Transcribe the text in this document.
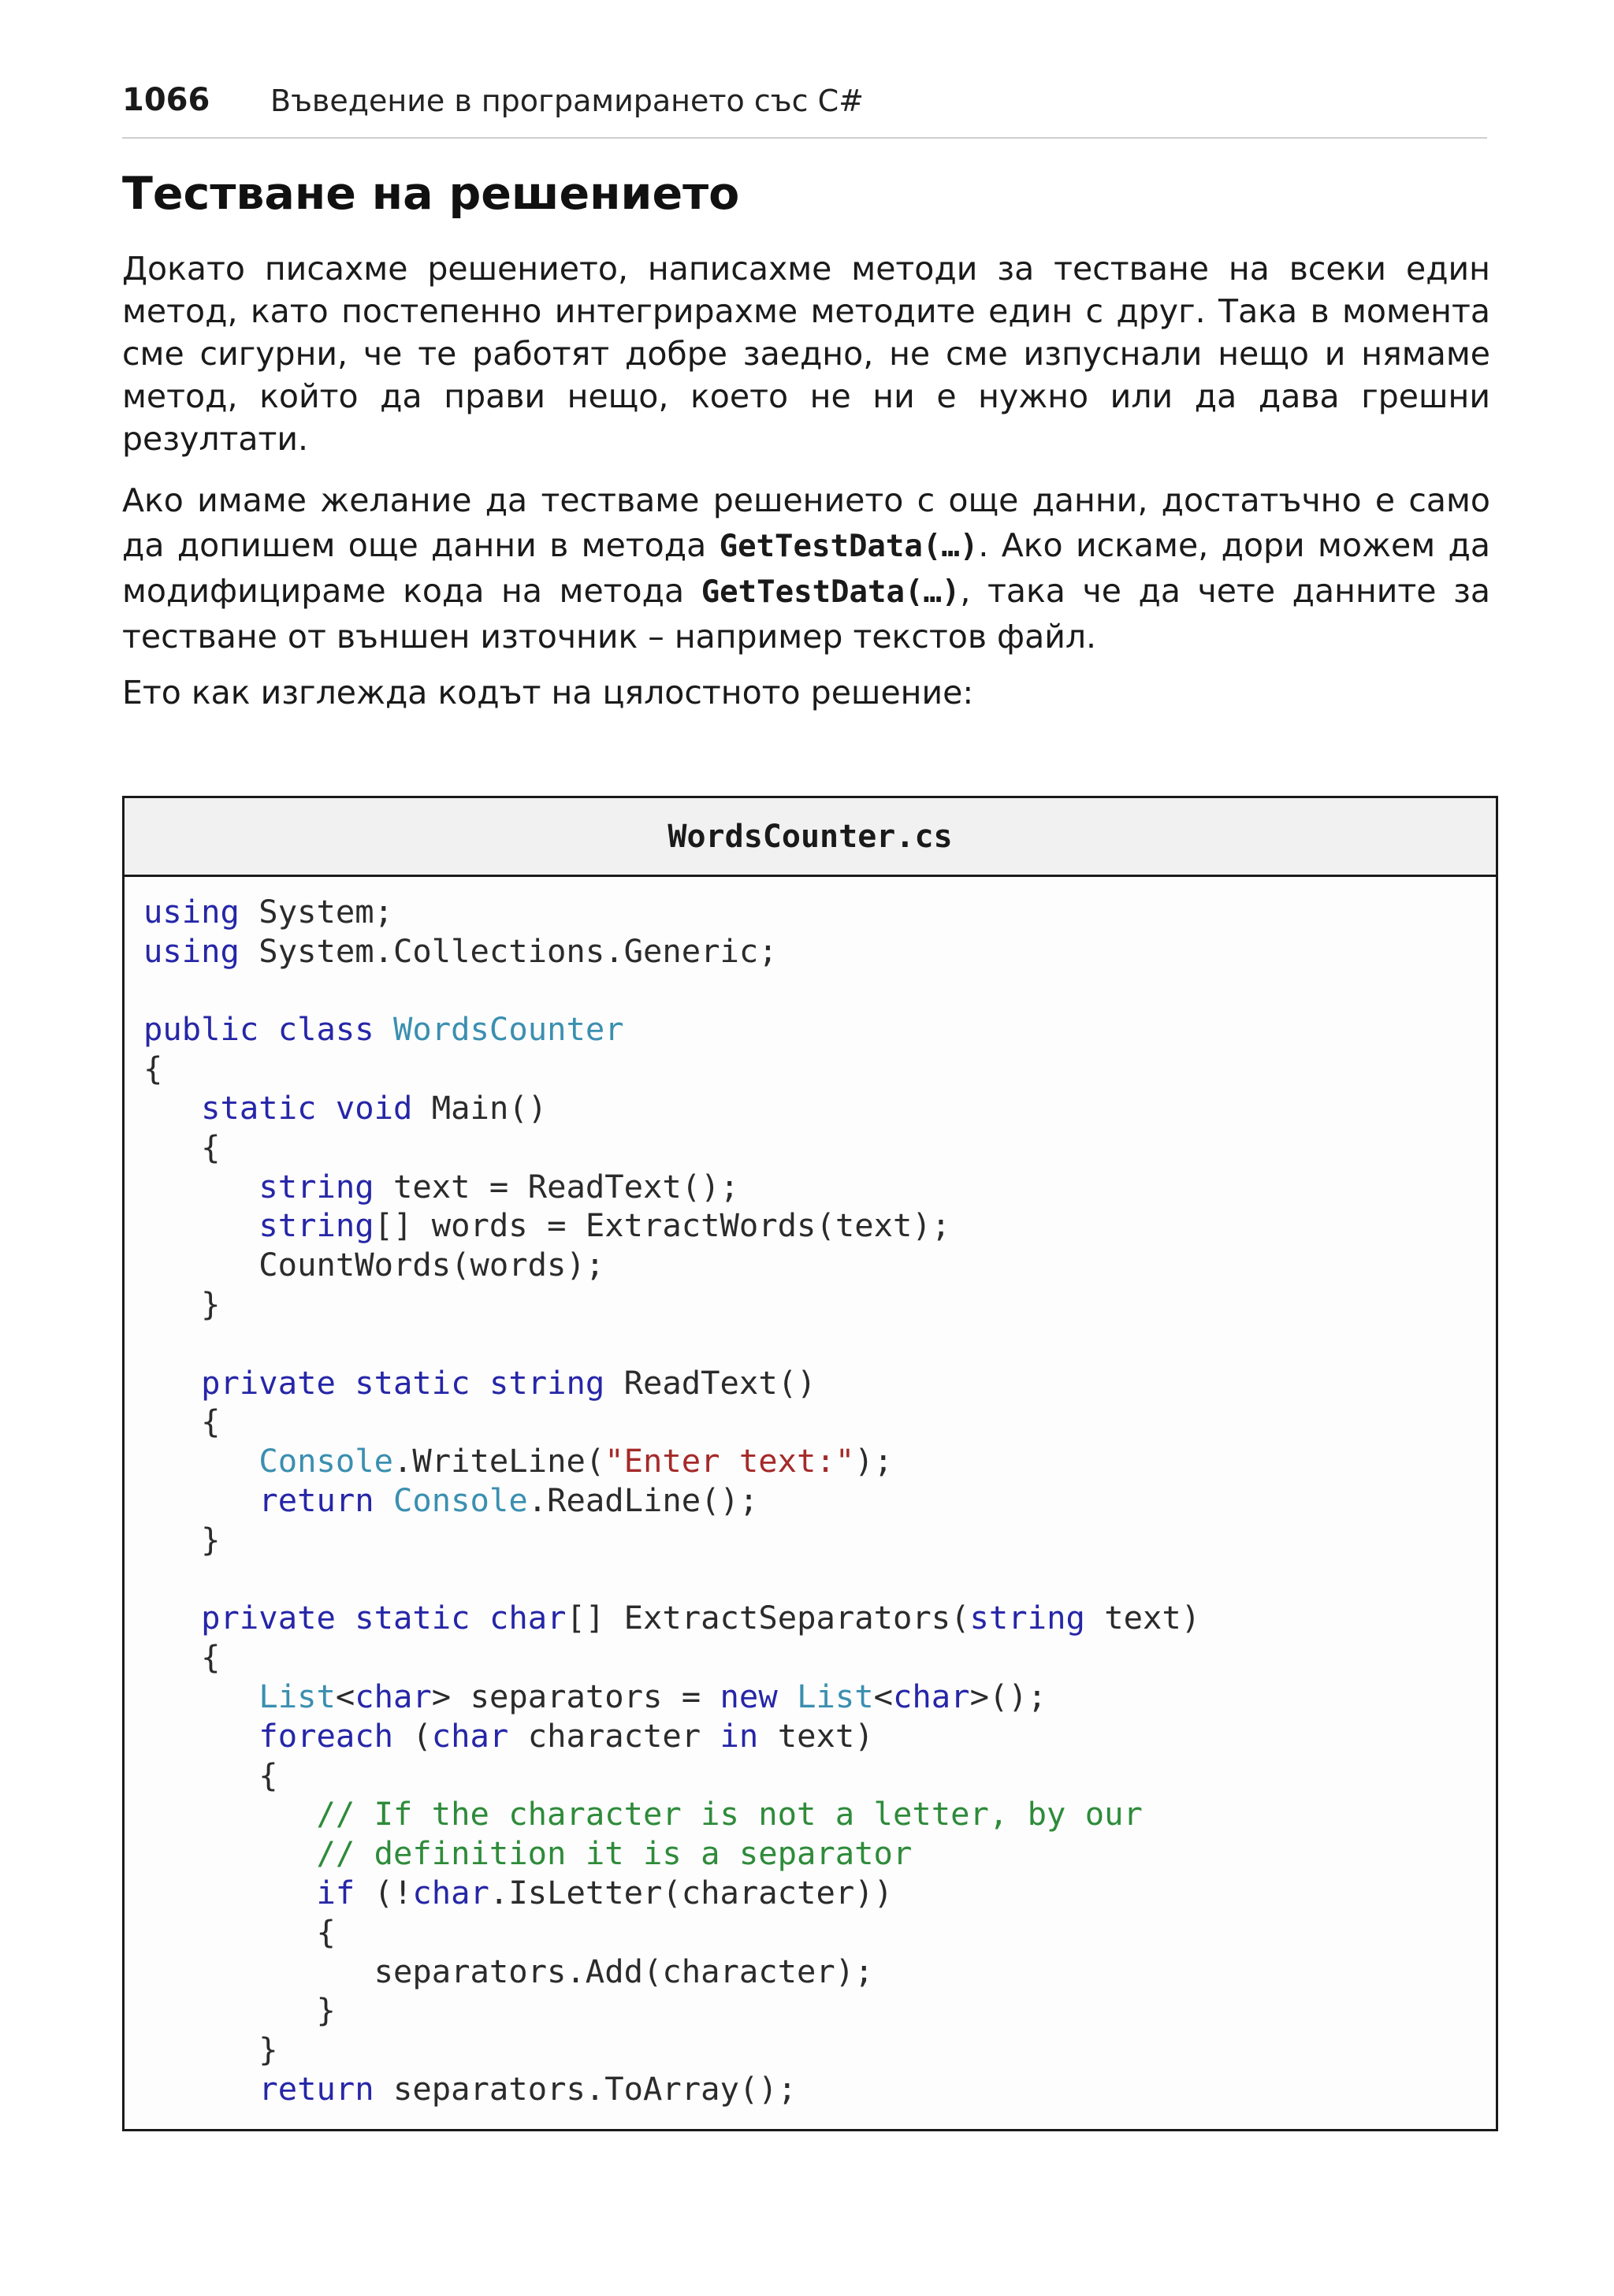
1066 Въведение в програмирането със C#
Тестване на решението

Докато писахме решението, написахме методи за тестване на всеки един метод, като постепенно интегрирахме методите един с друг. Така в момента сме сигурни, че те работят добре заедно, не сме изпуснали нещо и нямаме метод, който да прави нещо, което не ни е нужно или да дава грешни резултати.

Ако имаме желание да тестваме решението с още данни, достатъчно е само да допишем още данни в метода GetTestData(…). Ако искаме, дори можем да модифицираме кода на метода GetTestData(…), така че да чете данните за тестване от външен източник – например текстов файл.

Ето как изглежда кодът на цялостното решение:

WordsCounter.cs
using System;
using System.Collections.Generic;

public class WordsCounter
{
static void Main()
{
string text = ReadText();
string[] words = ExtractWords(text);
CountWords(words);
}

private static string ReadText()
{
Console.WriteLine("Enter text:");
return Console.ReadLine();
}

private static char[] ExtractSeparators(string text)
{
List<char> separators = new List<char>();
foreach (char character in text)
{
// If the character is not a letter, by our
// definition it is a separator
if (!char.IsLetter(character))
{
separators.Add(character);
}
}
return separators.ToArray();
